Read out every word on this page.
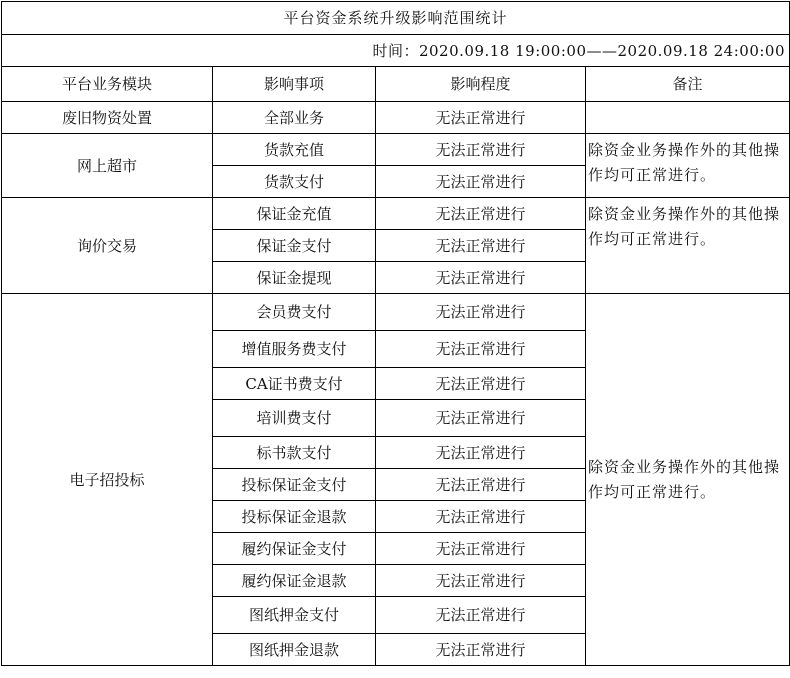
平台资金系统升级影响范围统计			
时间：2020.09.18 19:00:00——2020.09.18 24:00:00			
平台业务模块	影响事项	影响程度	备注
废旧物资处置	全部业务	无法正常进行	
网上超市	货款充值	无法正常进行	除资金业务操作外的其他操作均可正常进行。
	货款支付	无法正常进行	
询价交易	保证金充值	无法正常进行	除资金业务操作外的其他操作均可正常进行。
	保证金支付	无法正常进行	
	保证金提现	无法正常进行	
电子招投标	会员费支付	无法正常进行	除资金业务操作外的其他操作均可正常进行。
	增值服务费支付	无法正常进行	
	CA证书费支付	无法正常进行	
	培训费支付	无法正常进行	
	标书款支付	无法正常进行	
	投标保证金支付	无法正常进行	
	投标保证金退款	无法正常进行	
	履约保证金支付	无法正常进行	
	履约保证金退款	无法正常进行	
	图纸押金支付	无法正常进行	
	图纸押金退款	无法正常进行	
